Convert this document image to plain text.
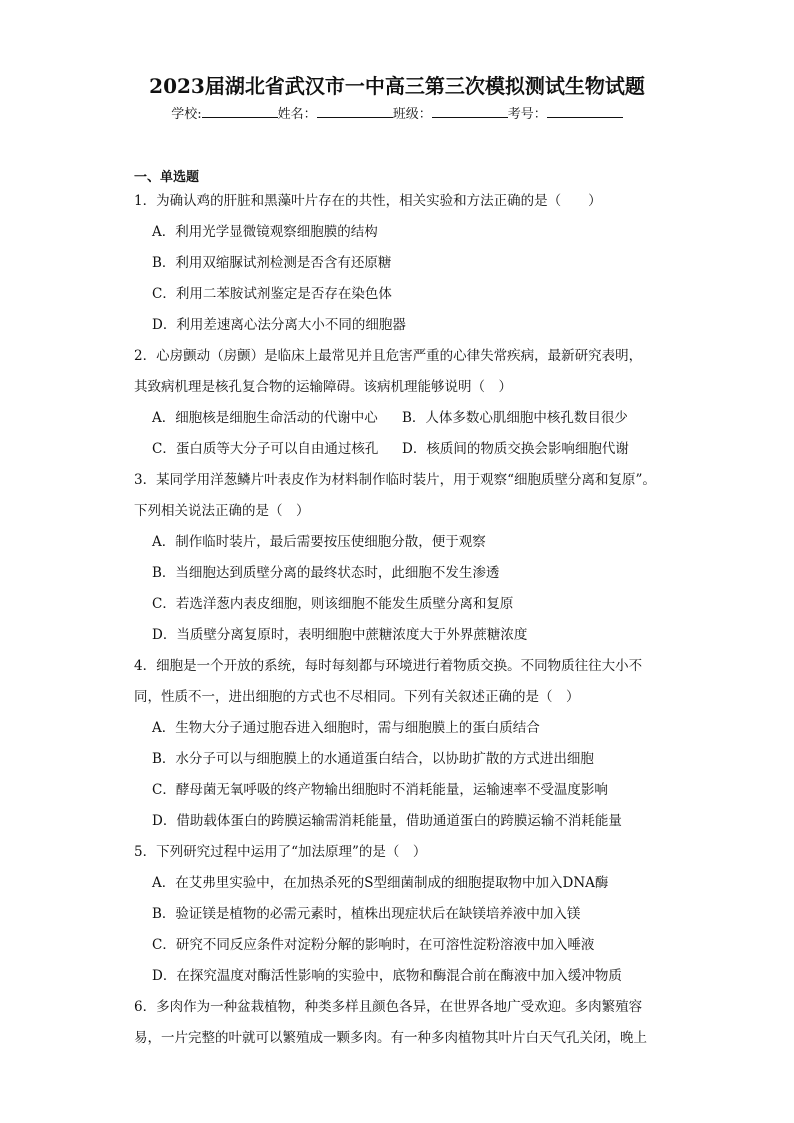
2023届湖北省武汉市一中高三第三次模拟测试生物试题
学校:	姓名：	班级：	考号：
一、单选题
1．为确认鸡的肝脏和黑藻叶片存在的共性，相关实验和方法正确的是（　　）
A．利用光学显微镜观察细胞膜的结构
B．利用双缩脲试剂检测是否含有还原糖
C．利用二苯胺试剂鉴定是否存在染色体
D．利用差速离心法分离大小不同的细胞器
2．心房颤动（房颤）是临床上最常见并且危害严重的心律失常疾病，最新研究表明，
其致病机理是核孔复合物的运输障碍。该病机理能够说明（　）
A．细胞核是细胞生命活动的代谢中心	B．人体多数心肌细胞中核孔数目很少
C．蛋白质等大分子可以自由通过核孔	D．核质间的物质交换会影响细胞代谢
3．某同学用洋葱鳞片叶表皮作为材料制作临时装片，用于观察“细胞质壁分离和复原”。
下列相关说法正确的是（　）
A．制作临时装片，最后需要按压使细胞分散，便于观察
B．当细胞达到质壁分离的最终状态时，此细胞不发生渗透
C．若选洋葱内表皮细胞，则该细胞不能发生质壁分离和复原
D．当质壁分离复原时，表明细胞中蔗糖浓度大于外界蔗糖浓度
4．细胞是一个开放的系统，每时每刻都与环境进行着物质交换。不同物质往往大小不
同，性质不一，进出细胞的方式也不尽相同。下列有关叙述正确的是（　）
A．生物大分子通过胞吞进入细胞时，需与细胞膜上的蛋白质结合
B．水分子可以与细胞膜上的水通道蛋白结合，以协助扩散的方式进出细胞
C．酵母菌无氧呼吸的终产物输出细胞时不消耗能量，运输速率不受温度影响
D．借助载体蛋白的跨膜运输需消耗能量，借助通道蛋白的跨膜运输不消耗能量
5．下列研究过程中运用了“加法原理”的是（　）
A．在艾弗里实验中，在加热杀死的S型细菌制成的细胞提取物中加入DNA酶
B．验证镁是植物的必需元素时，植株出现症状后在缺镁培养液中加入镁
C．研究不同反应条件对淀粉分解的影响时，在可溶性淀粉溶液中加入唾液
D．在探究温度对酶活性影响的实验中，底物和酶混合前在酶液中加入缓冲物质
6．多肉作为一种盆栽植物，种类多样且颜色各异，在世界各地广受欢迎。多肉繁殖容
易，一片完整的叶就可以繁殖成一颗多肉。有一种多肉植物其叶片白天气孔关闭，晚上
